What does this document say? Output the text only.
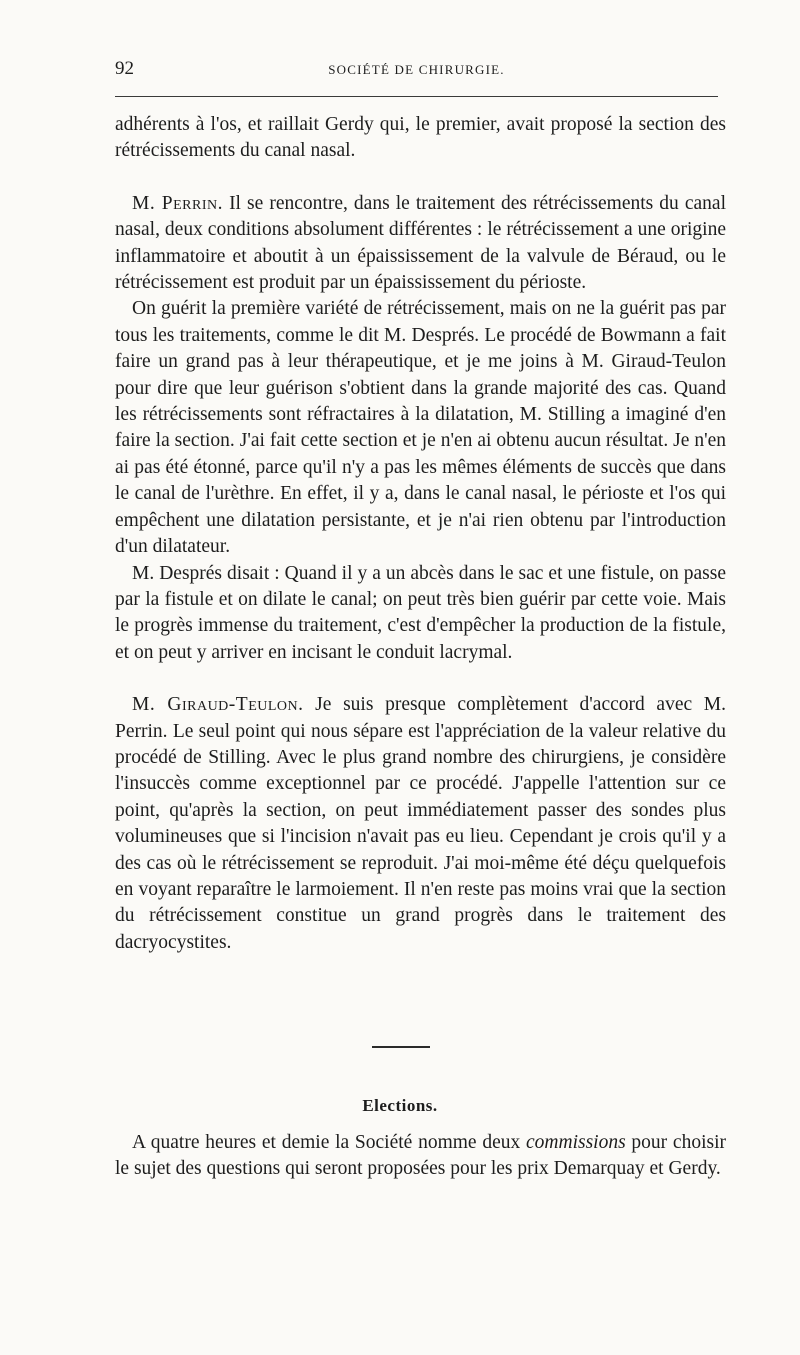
92	SOCIÉTÉ DE CHIRURGIE.

adhérents à l'os, et raillait Gerdy qui, le premier, avait proposé la section des rétrécissements du canal nasal.

M. Perrin. Il se rencontre, dans le traitement des rétrécissements du canal nasal, deux conditions absolument différentes : le rétrécissement a une origine inflammatoire et aboutit à un épaississement de la valvule de Béraud, ou le rétrécissement est produit par un épaississement du périoste.

On guérit la première variété de rétrécissement, mais on ne la guérit pas par tous les traitements, comme le dit M. Després. Le procédé de Bowmann a fait faire un grand pas à leur thérapeutique, et je me joins à M. Giraud-Teulon pour dire que leur guérison s'obtient dans la grande majorité des cas. Quand les rétrécissements sont réfractaires à la dilatation, M. Stilling a imaginé d'en faire la section. J'ai fait cette section et je n'en ai obtenu aucun résultat. Je n'en ai pas été étonné, parce qu'il n'y a pas les mêmes éléments de succès que dans le canal de l'urèthre. En effet, il y a, dans le canal nasal, le périoste et l'os qui empêchent une dilatation persistante, et je n'ai rien obtenu par l'introduction d'un dilatateur.

M. Després disait : Quand il y a un abcès dans le sac et une fistule, on passe par la fistule et on dilate le canal; on peut très bien guérir par cette voie. Mais le progrès immense du traitement, c'est d'empêcher la production de la fistule, et on peut y arriver en incisant le conduit lacrymal.

M. Giraud-Teulon. Je suis presque complètement d'accord avec M. Perrin. Le seul point qui nous sépare est l'appréciation de la valeur relative du procédé de Stilling. Avec le plus grand nombre des chirurgiens, je considère l'insuccès comme exceptionnel par ce procédé. J'appelle l'attention sur ce point, qu'après la section, on peut immédiatement passer des sondes plus volumineuses que si l'incision n'avait pas eu lieu. Cependant je crois qu'il y a des cas où le rétrécissement se reproduit. J'ai moi-même été déçu quelquefois en voyant reparaître le larmoiement. Il n'en reste pas moins vrai que la section du rétrécissement constitue un grand progrès dans le traitement des dacryocystites.

Elections.

A quatre heures et demie la Société nomme deux commissions pour choisir le sujet des questions qui seront proposées pour les prix Demarquay et Gerdy.
